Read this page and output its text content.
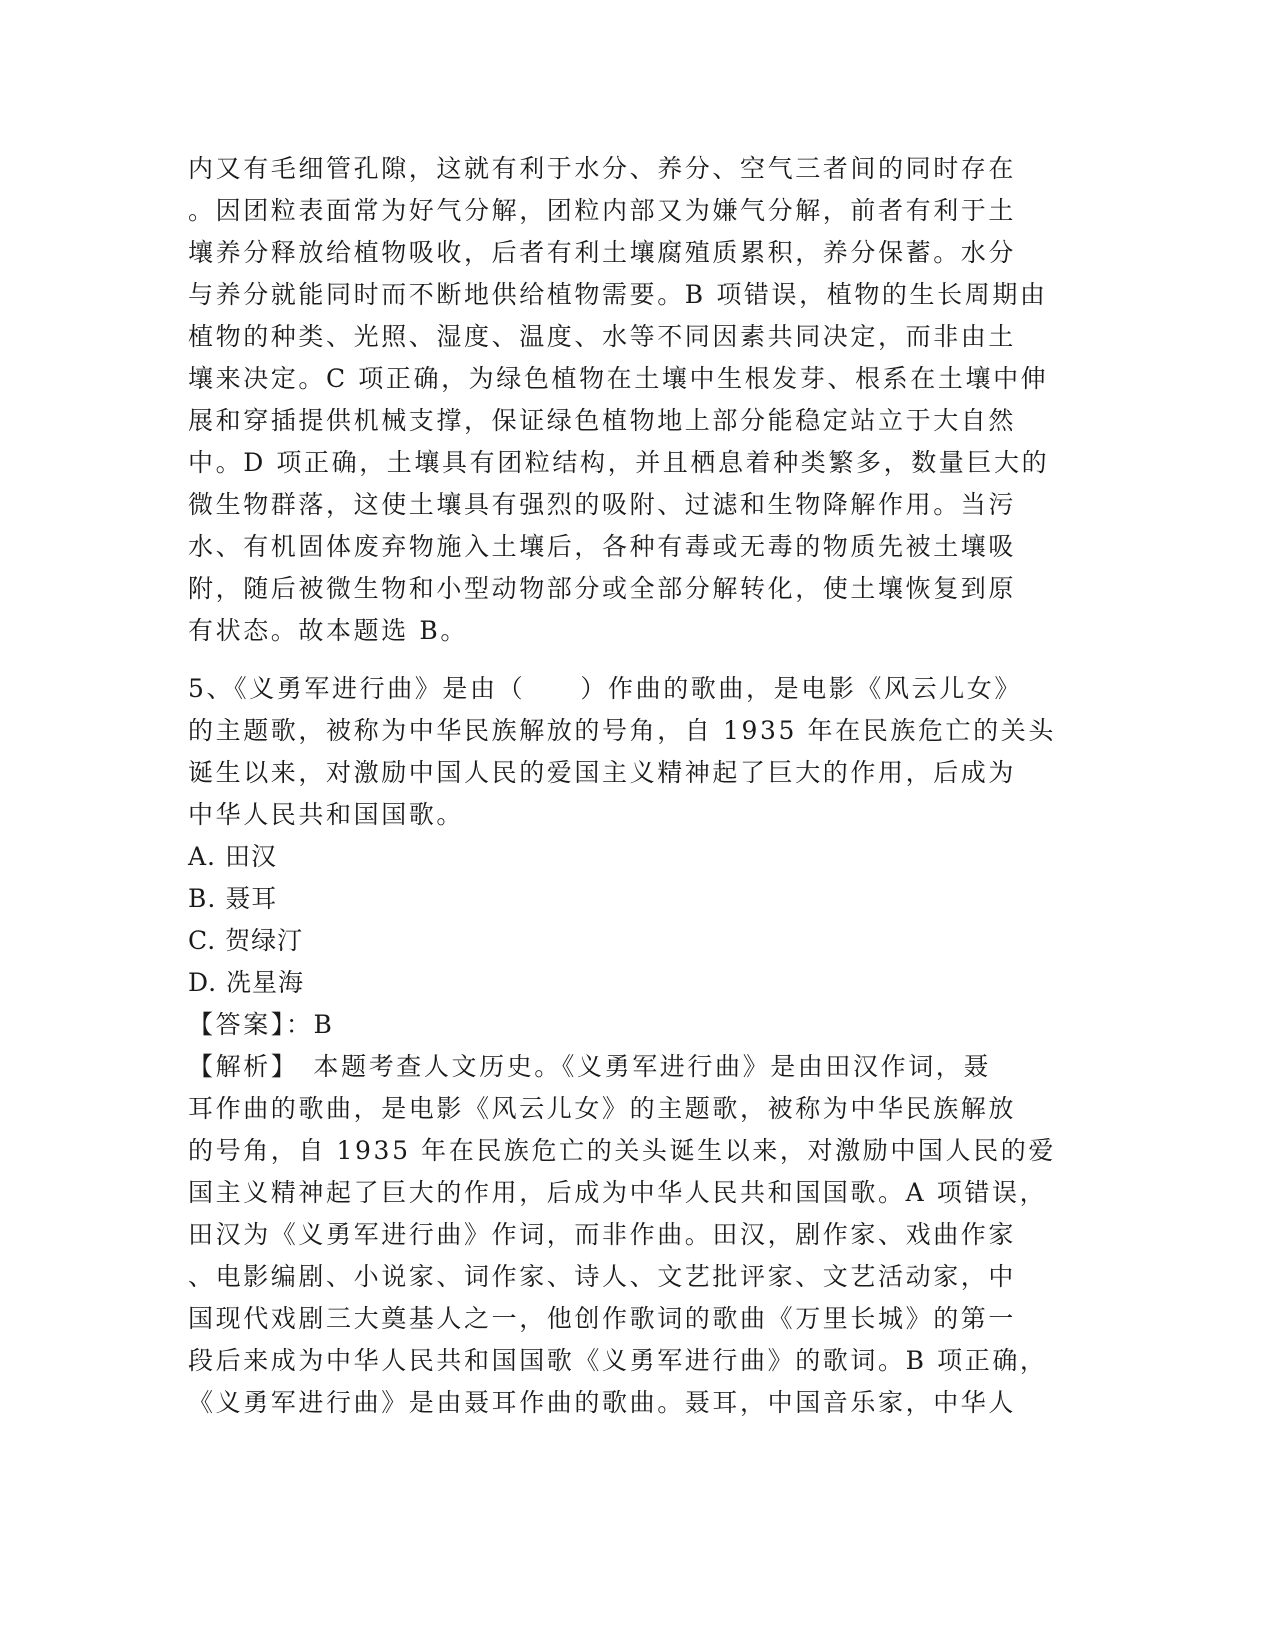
内又有毛细管孔隙，这就有利于水分、养分、空气三者间的同时存在
。因团粒表面常为好气分解，团粒内部又为嫌气分解，前者有利于土
壤养分释放给植物吸收，后者有利土壤腐殖质累积，养分保蓄。水分
与养分就能同时而不断地供给植物需要。B 项错误，植物的生长周期由
植物的种类、光照、湿度、温度、水等不同因素共同决定，而非由土
壤来决定。C 项正确，为绿色植物在土壤中生根发芽、根系在土壤中伸
展和穿插提供机械支撑，保证绿色植物地上部分能稳定站立于大自然
中。D 项正确，土壤具有团粒结构，并且栖息着种类繁多，数量巨大的
微生物群落，这使土壤具有强烈的吸附、过滤和生物降解作用。当污
水、有机固体废弃物施入土壤后，各种有毒或无毒的物质先被土壤吸
附，随后被微生物和小型动物部分或全部分解转化，使土壤恢复到原
有状态。故本题选 B。
5、《义勇军进行曲》是由（　　）作曲的歌曲，是电影《风云儿女》
的主题歌，被称为中华民族解放的号角，自 1935 年在民族危亡的关头
诞生以来，对激励中国人民的爱国主义精神起了巨大的作用，后成为
中华人民共和国国歌。
A. 田汉
B. 聂耳
C. 贺绿汀
D. 冼星海
【答案】：B
【解析】　本题考查人文历史。《义勇军进行曲》是由田汉作词，聂
耳作曲的歌曲，是电影《风云儿女》的主题歌，被称为中华民族解放
的号角，自 1935 年在民族危亡的关头诞生以来，对激励中国人民的爱
国主义精神起了巨大的作用，后成为中华人民共和国国歌。A 项错误，
田汉为《义勇军进行曲》作词，而非作曲。田汉，剧作家、戏曲作家
、电影编剧、小说家、词作家、诗人、文艺批评家、文艺活动家，中
国现代戏剧三大奠基人之一，他创作歌词的歌曲《万里长城》的第一
段后来成为中华人民共和国国歌《义勇军进行曲》的歌词。B 项正确，
《义勇军进行曲》是由聂耳作曲的歌曲。聂耳，中国音乐家，中华人
